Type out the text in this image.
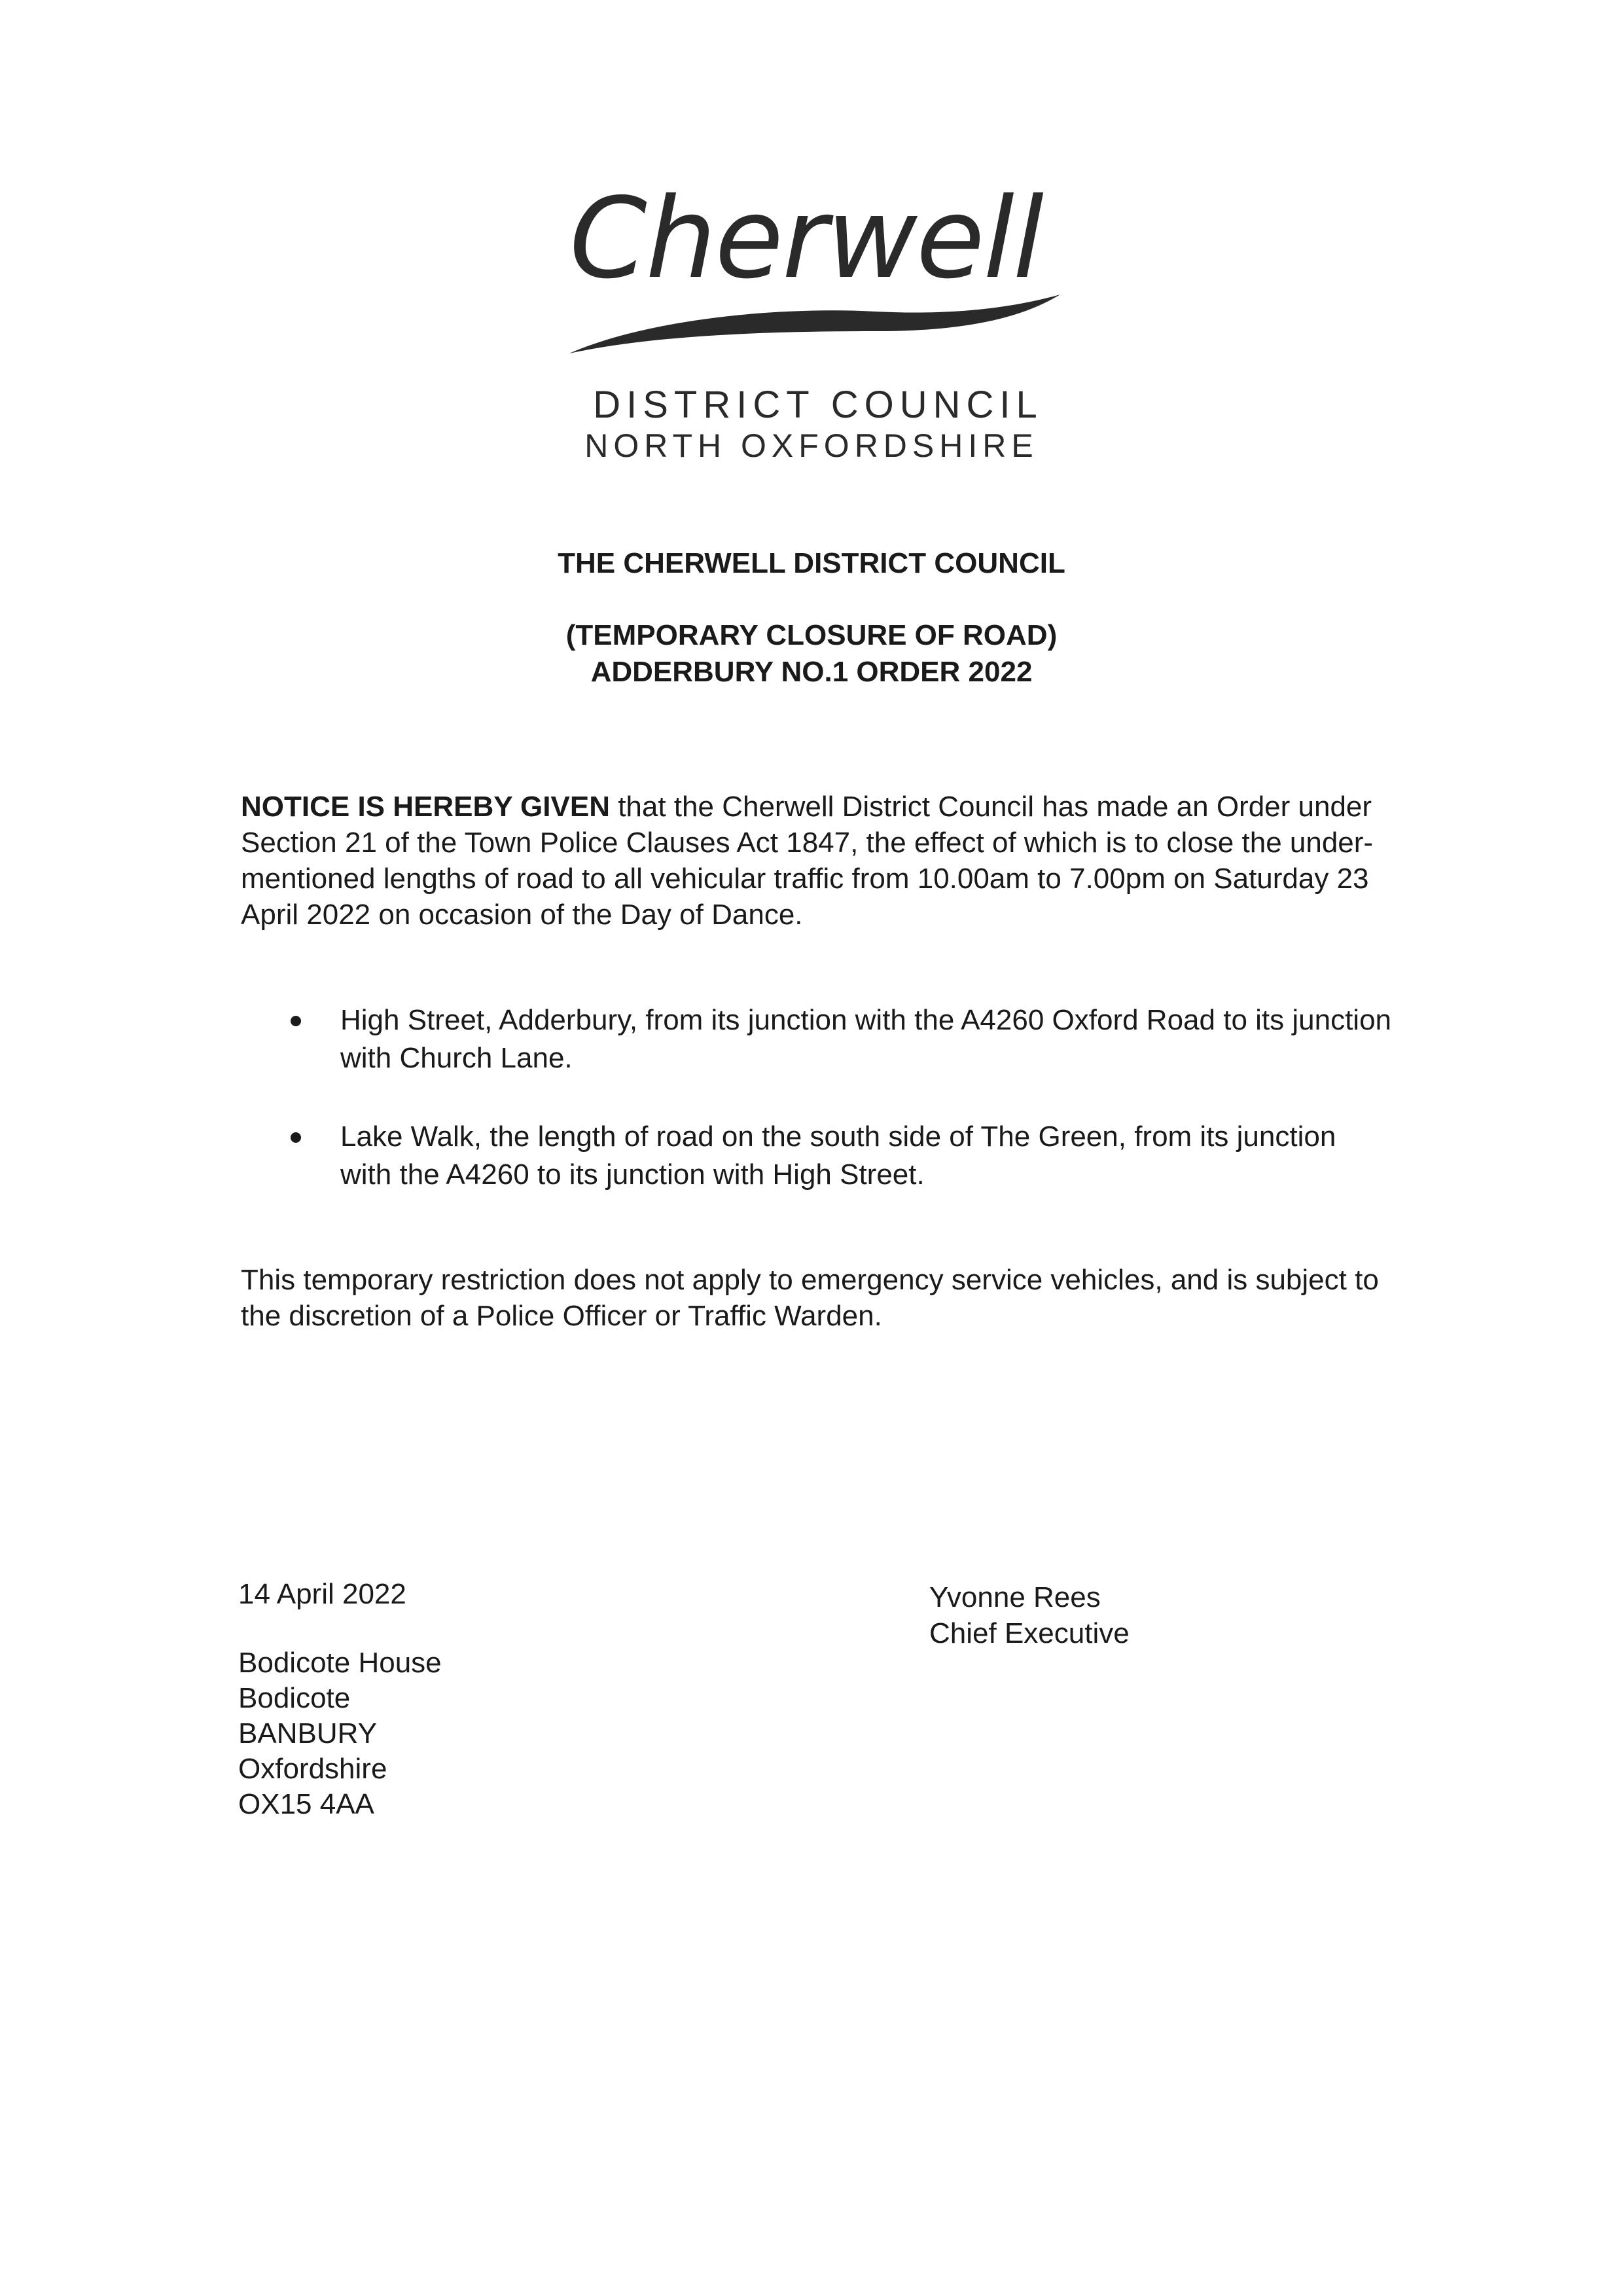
Cherwell
DISTRICT COUNCIL
NORTH OXFORDSHIRE
THE CHERWELL DISTRICT COUNCIL
(TEMPORARY CLOSURE OF ROAD)
ADDERBURY NO.1 ORDER 2022
NOTICE IS HEREBY GIVEN that the Cherwell District Council has made an Order under Section 21 of the Town Police Clauses Act 1847, the effect of which is to close the under-mentioned lengths of road to all vehicular traffic from 10.00am to 7.00pm on Saturday 23 April 2022 on occasion of the Day of Dance.
High Street, Adderbury, from its junction with the A4260 Oxford Road to its junction with Church Lane.
Lake Walk, the length of road on the south side of The Green, from its junction with the A4260 to its junction with High Street.
This temporary restriction does not apply to emergency service vehicles, and is subject to the discretion of a Police Officer or Traffic Warden.
14 April 2022
Bodicote House
Bodicote
BANBURY
Oxfordshire
OX15 4AA
Yvonne Rees
Chief Executive
